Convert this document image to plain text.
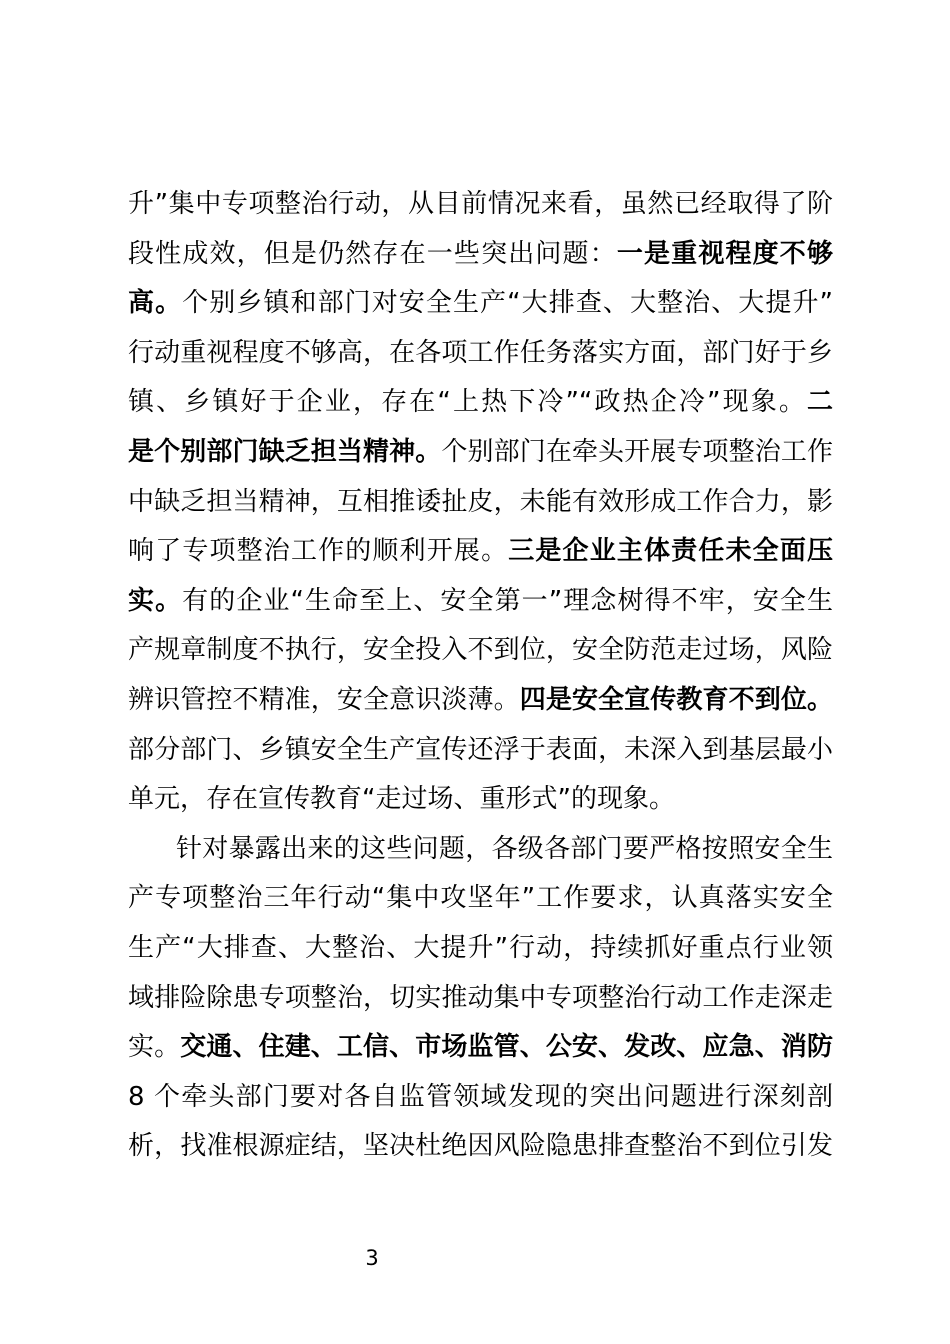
升”集中专项整治行动，从目前情况来看，虽然已经取得了阶
段性成效，但是仍然存在一些突出问题：一是重视程度不够
高。个别乡镇和部门对安全生产“大排查、大整治、大提升”
行动重视程度不够高，在各项工作任务落实方面，部门好于乡
镇、乡镇好于企业，存在“上热下冷”“政热企冷”现象。二
是个别部门缺乏担当精神。个别部门在牵头开展专项整治工作
中缺乏担当精神，互相推诿扯皮，未能有效形成工作合力，影
响了专项整治工作的顺利开展。三是企业主体责任未全面压
实。有的企业“生命至上、安全第一”理念树得不牢，安全生
产规章制度不执行，安全投入不到位，安全防范走过场，风险
辨识管控不精准，安全意识淡薄。四是安全宣传教育不到位。
部分部门、乡镇安全生产宣传还浮于表面，未深入到基层最小
单元，存在宣传教育“走过场、重形式”的现象。
针对暴露出来的这些问题，各级各部门要严格按照安全生
产专项整治三年行动“集中攻坚年”工作要求，认真落实安全
生产“大排查、大整治、大提升”行动，持续抓好重点行业领
域排险除患专项整治，切实推动集中专项整治行动工作走深走
实。交通、住建、工信、市场监管、公安、发改、应急、消防
8 个牵头部门要对各自监管领域发现的突出问题进行深刻剖
析，找准根源症结，坚决杜绝因风险隐患排查整治不到位引发
3
